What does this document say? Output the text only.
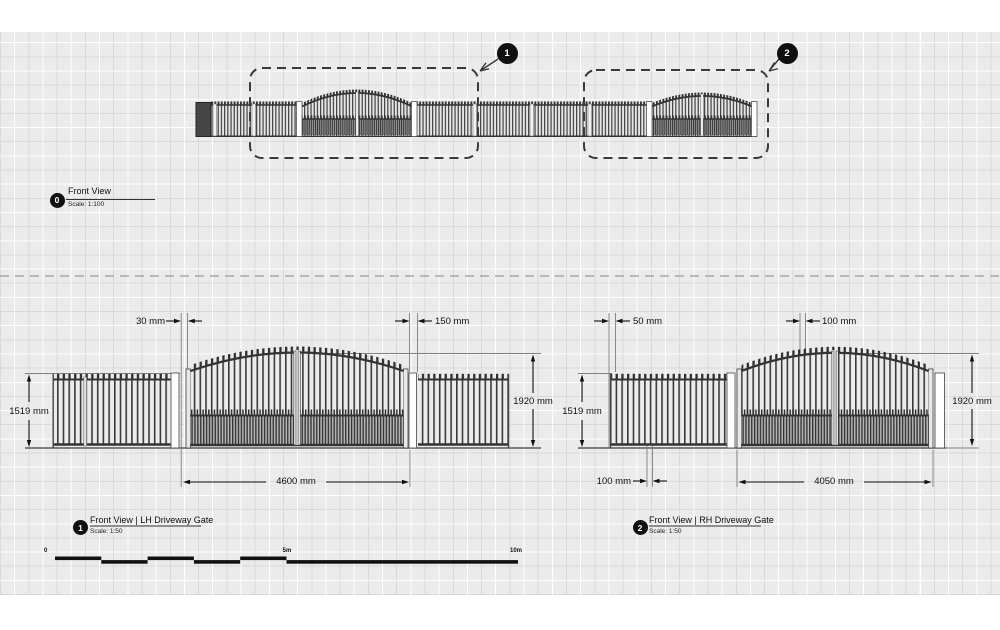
0
Front View
Scale: 1:100
1	2
1519 mm
30 mm	150 mm
1920 mm
4600 mm
1
Front View | LH Driveway Gate
Scale: 1:50
1519 mm
50 mm
100 mm
100 mm
1920 mm
4050 mm
2
Front View | RH Driveway Gate
Scale: 1:50
0	5m	10m
